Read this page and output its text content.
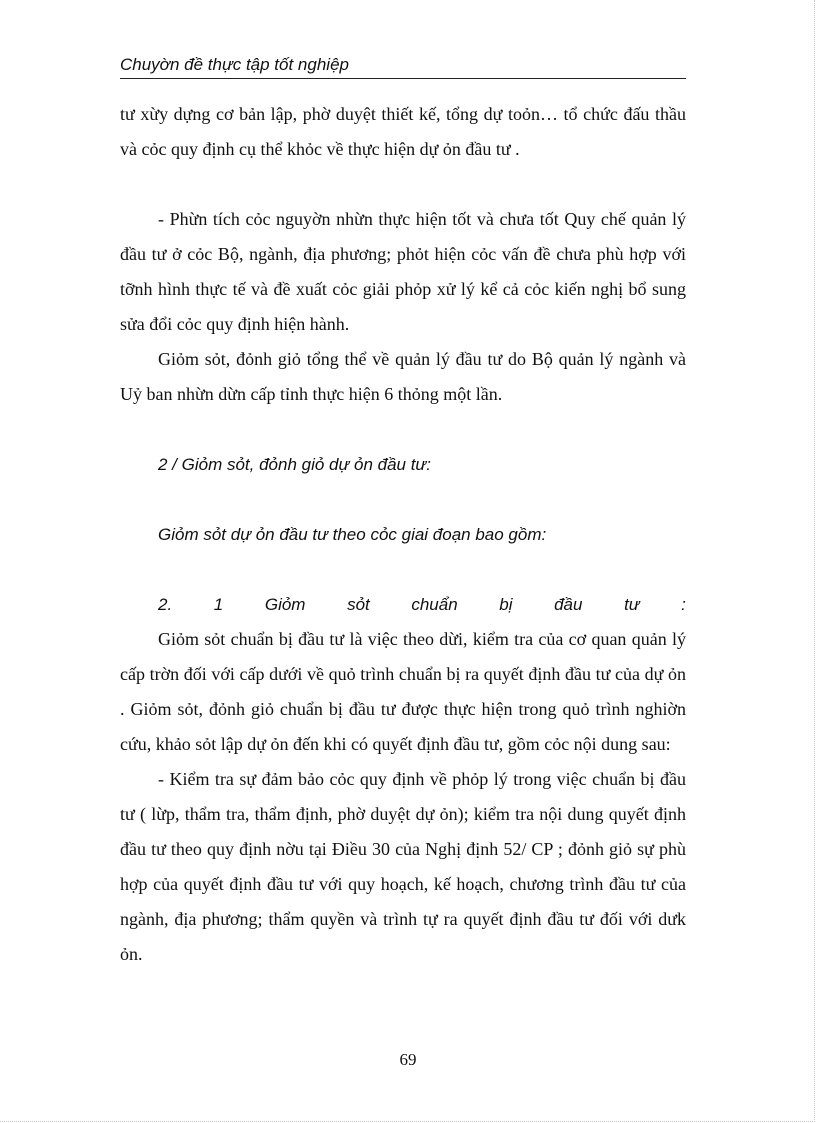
Chuyờn đề thực tập tốt nghiệp

tư xừy dựng cơ bản lập, phờ duyệt thiết kế, tổng dự toỏn… tổ chức đấu thầu và cỏc quy định cụ thể khỏc về thực hiện dự ỏn đầu tư .

- Phừn tích cỏc nguyờn nhừn thực hiện tốt và chưa tốt Quy chế quản lý đầu tư ở cỏc Bộ, ngành, địa phương; phỏt hiện cỏc vấn đề chưa phù hợp với tỡnh hình thực tế và đề xuất cỏc giải phỏp xử lý kể cả cỏc kiến nghị bổ sung sửa đổi cỏc quy định hiện hành.

Giỏm sỏt, đỏnh giỏ tổng thể về quản lý đầu tư do Bộ quản lý ngành và Uỷ ban nhừn dừn cấp tỉnh thực hiện 6 thỏng một lần.

2 / Giỏm sỏt, đỏnh giỏ dự ỏn đầu tư:

Giỏm sỏt dự ỏn đầu tư theo cỏc giai đoạn bao gồm:

2. 1 Giỏm sỏt chuẩn bị đầu tư :

Giỏm sỏt chuẩn bị đầu tư là việc theo dừi, kiểm tra của cơ quan quản lý cấp trờn đối với cấp dưới về quỏ trình chuẩn bị ra quyết định đầu tư của dự ỏn . Giỏm sỏt, đỏnh giỏ chuẩn bị đầu tư được thực hiện trong quỏ trình nghiờn cứu, khảo sỏt lập dự ỏn đến khi có quyết định đầu tư, gồm cỏc nội dung sau:

- Kiểm tra sự đảm bảo cỏc quy định về phỏp lý trong việc chuẩn bị đầu tư ( lừp, thẩm tra, thẩm định, phờ duyệt dự ỏn); kiểm tra nội dung quyết định đầu tư theo quy định nờu tại Điều 30 của Nghị định 52/ CP ; đỏnh giỏ sự phù hợp của quyết định đầu tư với quy hoạch, kế hoạch, chương trình đầu tư của ngành, địa phương; thẩm quyền và trình tự ra quyết định đầu tư đối với dưk ỏn.

69
